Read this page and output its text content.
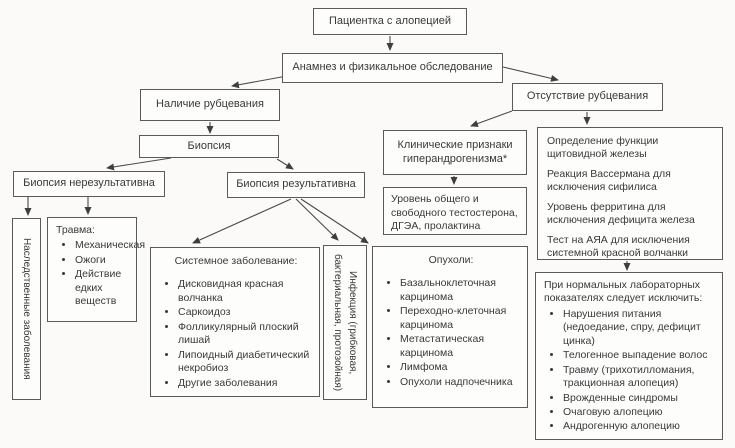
Пациентка с алопецией
Анамнез и физикальное обследование
Наличие рубцевания
Отсутствие рубцевания
Биопсия
Биопсия нерезультативна	Биопсия результативна
Клинические признаки гиперандрогенизма*
Уровень общего и свободного тестостерона, ДГЭА, пролактина
Определение функции щитовидной железы
Реакция Вассермана для исключения сифилиса
Уровень ферритина для исключения дефицита железа
Тест на АЯА для исключения системной красной волчанки
Наследственные заболевания
Травма:
• Механическая
• Ожоги
• Действие едких веществ
Системное заболевание:
• Дисковидная красная волчанка
• Саркоидоз
• Фолликулярный плоский лишай
• Липоидный диабетический некробиоз
• Другие заболевания
Инфекция (грибковая, бактериальная, протозойная)	Опухоли:
• Базальноклеточная карцинома
• Переходно-клеточная карцинома
• Метастатическая карцинома
• Лимфома
• Опухоли надпочечника
При нормальных лабораторных показателях следует исключить:
• Нарушения питания (недоедание, спру, дефицит цинка)
• Телогенное выпадение волос
• Травму (трихотилломания, тракционная алопеция)
• Врожденные синдромы
• Очаговую алопецию
• Андрогенную алопецию
